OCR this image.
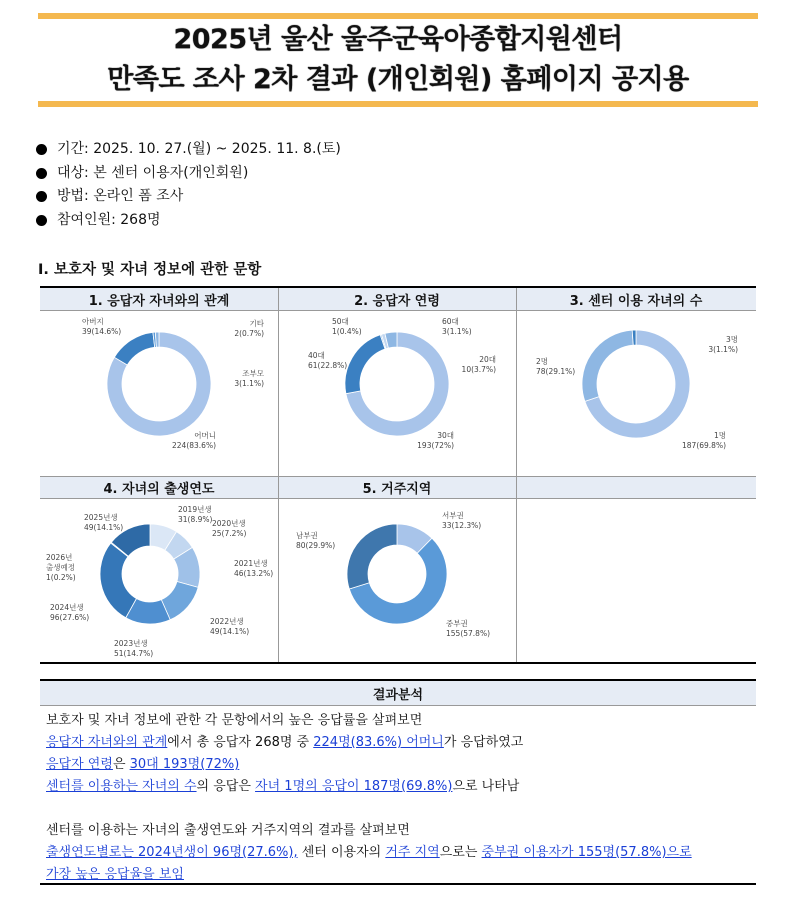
2025년 울산 울주군육아종합지원센터
만족도 조사 2차 결과 (개인회원) 홈페이지 공지용
기간: 2025. 10. 27.(월) ~ 2025. 11. 8.(토)
대상: 본 센터 이용자(개인회원)
방법: 온라인 폼 조사
참여인원: 268명
Ⅰ. 보호자 및 자녀 정보에 관한 문항
1. 응답자 자녀와의 관계
어머니
224(83.6%)
아버지
39(14.6%)
기타
2(0.7%)
조부모
3(1.1%)
2. 응답자 연령
30대
193(72%)
40대
61(22.8%)
50대
1(0.4%)
60대
3(1.1%)
20대
10(3.7%)
3. 센터 이용 자녀의 수
1명
187(69.8%)
2명
78(29.1%)
3명
3(1.1%)
4. 자녀의 출생연도
2019년생
31(8.9%) 2020년생
25(7.2%)
2021년생
46(13.2%)
2022년생
49(14.1%)
2023년생
51(14.7%)
2024년생
96(27.6%)
2026년
출생예정
1(0.2%)
2025년생
49(14.1%)
5. 거주지역
서부권
33(12.3%)
중부권
155(57.8%)
남부권
80(29.9%)
결과분석
보호자 및 자녀 정보에 관한 각 문항에서의 높은 응답률을 살펴보면
응답자 자녀와의 관계에서 총 응답자 268명 중 224명(83.6%) 어머니가 응답하였고
응답자 연령은 30대 193명(72%)
센터를 이용하는 자녀의 수의 응답은 자녀 1명의 응답이 187명(69.8%)으로 나타남
센터를 이용하는 자녀의 출생연도와 거주지역의 결과를 살펴보면
출생연도별로는 2024년생이 96명(27.6%), 센터 이용자의 거주 지역으로는 중부권 이용자가 155명(57.8%)으로
가장 높은 응답율을 보임
